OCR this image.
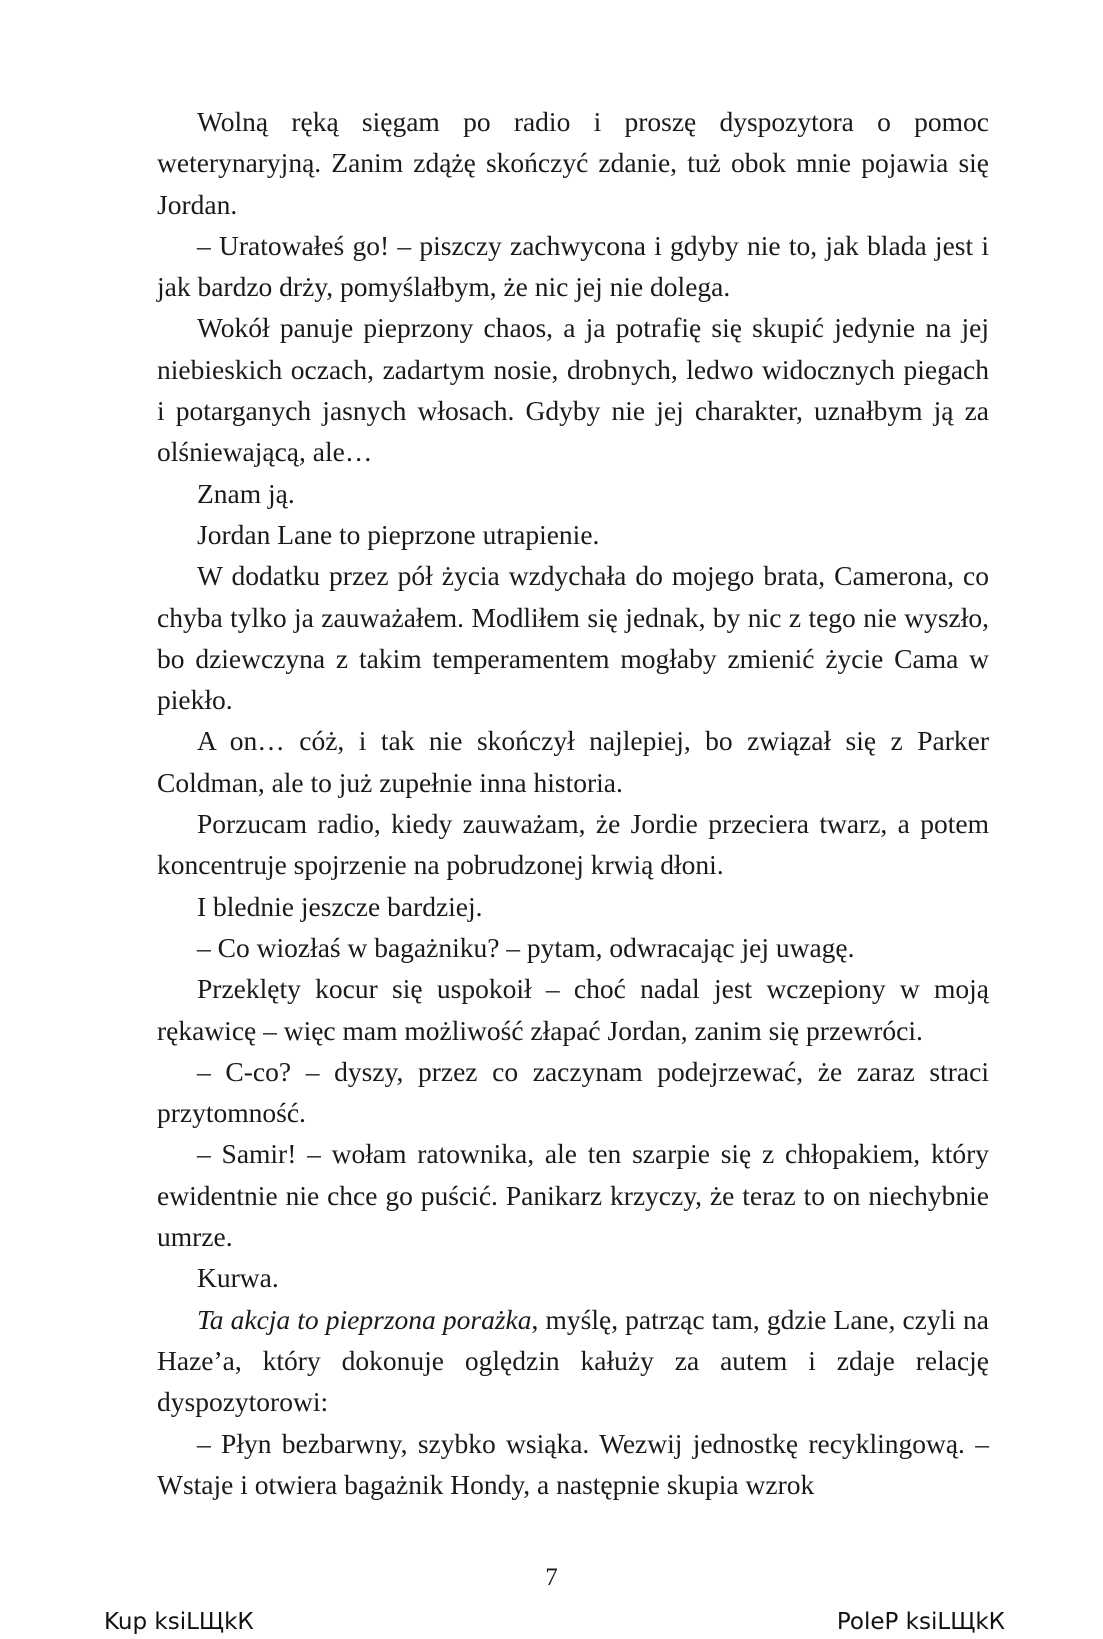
Wolną ręką sięgam po radio i proszę dyspozytora o pomoc weterynaryjną. Zanim zdążę skończyć zdanie, tuż obok mnie pojawia się Jordan.

– Uratowałeś go! – piszczy zachwycona i gdyby nie to, jak blada jest i jak bardzo drży, pomyślałbym, że nic jej nie dolega.

Wokół panuje pieprzony chaos, a ja potrafię się skupić jedynie na jej niebieskich oczach, zadartym nosie, drobnych, ledwo widocznych piegach i potarganych jasnych włosach. Gdyby nie jej charakter, uznałbym ją za olśniewającą, ale…

Znam ją.

Jordan Lane to pieprzone utrapienie.

W dodatku przez pół życia wzdychała do mojego brata, Camerona, co chyba tylko ja zauważałem. Modliłem się jednak, by nic z tego nie wyszło, bo dziewczyna z takim temperamentem mogłaby zmienić życie Cama w piekło.

A on… cóż, i tak nie skończył najlepiej, bo związał się z Parker Coldman, ale to już zupełnie inna historia.

Porzucam radio, kiedy zauważam, że Jordie przeciera twarz, a potem koncentruje spojrzenie na pobrudzonej krwią dłoni.

I blednie jeszcze bardziej.

– Co wiozłaś w bagażniku? – pytam, odwracając jej uwagę.

Przeklęty kocur się uspokoił – choć nadal jest wczepiony w moją rękawicę – więc mam możliwość złapać Jordan, zanim się przewróci.

– C-co? – dyszy, przez co zaczynam podejrzewać, że zaraz straci przytomność.

– Samir! – wołam ratownika, ale ten szarpie się z chłopakiem, który ewidentnie nie chce go puścić. Panikarz krzyczy, że teraz to on niechybnie umrze.

Kurwa.

Ta akcja to pieprzona porażka, myślę, patrząc tam, gdzie Lane, czyli na Haze’a, który dokonuje oględzin kałuży za autem i zdaje relację dyspozytorowi:

– Płyn bezbarwny, szybko wsiąka. Wezwij jednostkę recyklingową. – Wstaje i otwiera bagażnik Hondy, a następnie skupia wzrok

7
Kup ksiLЩkК	PoleР ksiLЩkК
